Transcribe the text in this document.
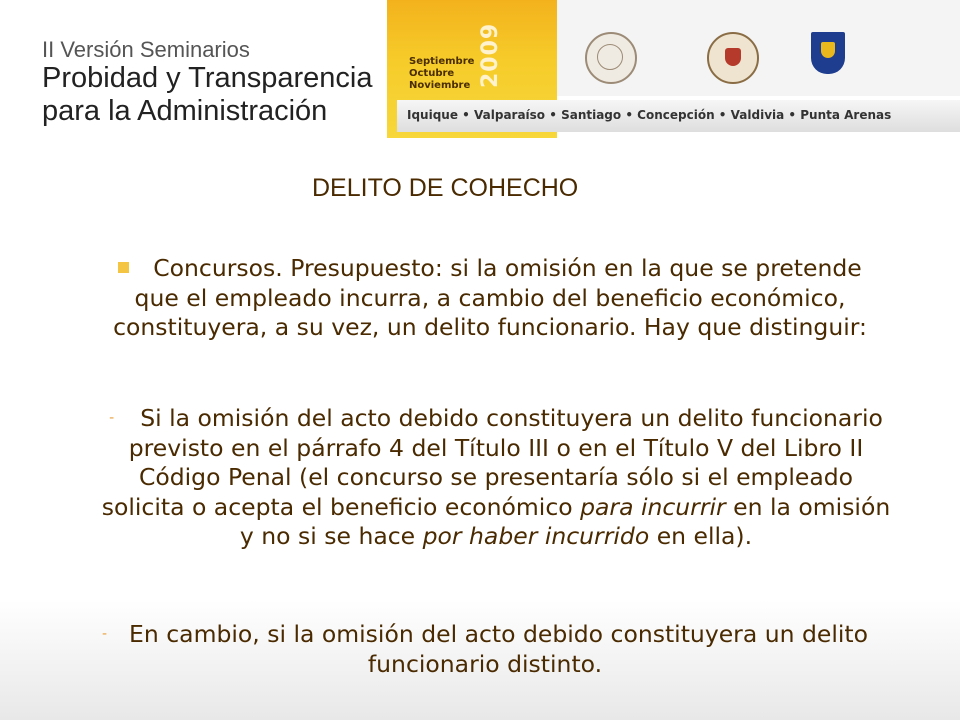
II Versión Seminarios
Probidad y Transparencia
para la Administración
Septiembre
Octubre
Noviembre 2009
Iquique • Valparaíso • Santiago • Concepción • Valdivia • Punta Arenas
DELITO DE COHECHO
Concursos. Presupuesto: si la omisión en la que se pretende que el empleado incurra, a cambio del beneficio económico, constituyera, a su vez, un delito funcionario. Hay que distinguir:
- Si la omisión del acto debido constituyera un delito funcionario previsto en el párrafo 4 del Título III o en el Título V del Libro II Código Penal (el concurso se presentaría sólo si el empleado solicita o acepta el beneficio económico para incurrir en la omisión y no si se hace por haber incurrido en ella).
- En cambio, si la omisión del acto debido constituyera un delito funcionario distinto.
